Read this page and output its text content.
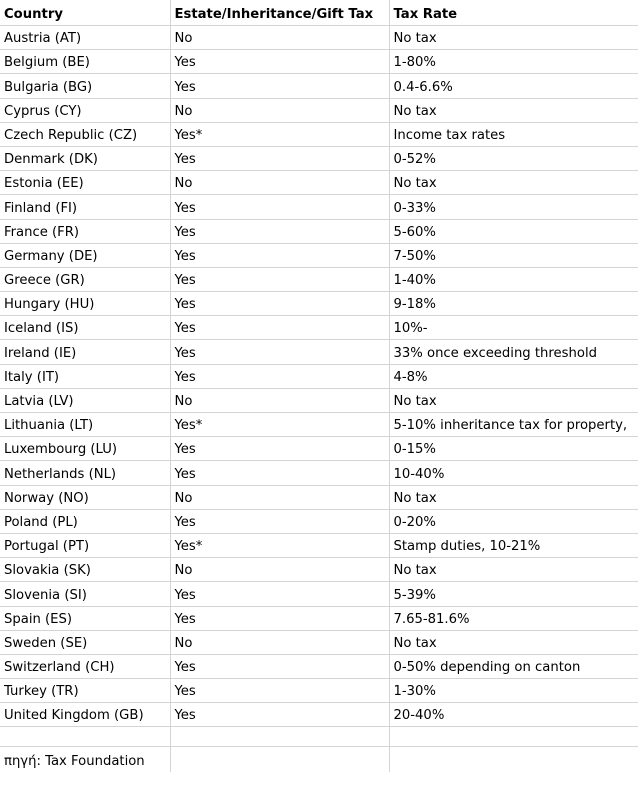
Country	Estate/Inheritance/Gift Tax	Tax Rate
Austria (AT)	No	No tax
Belgium (BE)	Yes	1-80%
Bulgaria (BG)	Yes	0.4-6.6%
Cyprus (CY)	No	No tax
Czech Republic (CZ)	Yes*	Income tax rates
Denmark (DK)	Yes	0-52%
Estonia (EE)	No	No tax
Finland (FI)	Yes	0-33%
France (FR)	Yes	5-60%
Germany (DE)	Yes	7-50%
Greece (GR)	Yes	1-40%
Hungary (HU)	Yes	9-18%
Iceland (IS)	Yes	10%-
Ireland (IE)	Yes	33% once exceeding threshold
Italy (IT)	Yes	4-8%
Latvia (LV)	No	No tax
Lithuania (LT)	Yes*	5-10% inheritance tax for property,
Luxembourg (LU)	Yes	0-15%
Netherlands (NL)	Yes	10-40%
Norway (NO)	No	No tax
Poland (PL)	Yes	0-20%
Portugal (PT)	Yes*	Stamp duties, 10-21%
Slovakia (SK)	No	No tax
Slovenia (SI)	Yes	5-39%
Spain (ES)	Yes	7.65-81.6%
Sweden (SE)	No	No tax
Switzerland (CH)	Yes	0-50% depending on canton
Turkey (TR)	Yes	1-30%
United Kingdom (GB)	Yes	20-40%

πηγή: Tax Foundation		
